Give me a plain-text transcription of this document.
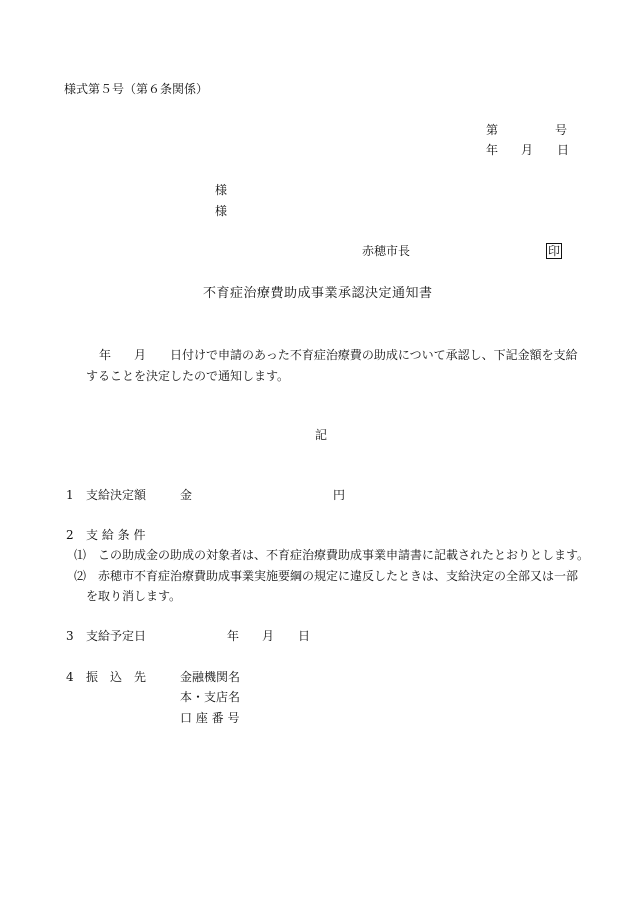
様式第５号（第６条関係）
第	号
年 月 日
様
様
赤穂市長	印
不育症治療費助成事業承認決定通知書
年 月 日付けで申請のあった不育症治療費の助成について承認し、下記金額を支給
することを決定したので通知します。
記
1 支給決定額	金	円
2 支 給 条 件
⑴ この助成金の助成の対象者は、不育症治療費助成事業申請書に記載されたとおりとします。
⑵ 赤穂市不育症治療費助成事業実施要綱の規定に違反したときは、支給決定の全部又は一部
を取り消します。
3 支給予定日	年 月 日
4 振　込　先	金融機関名
本・支店名
口 座 番 号
